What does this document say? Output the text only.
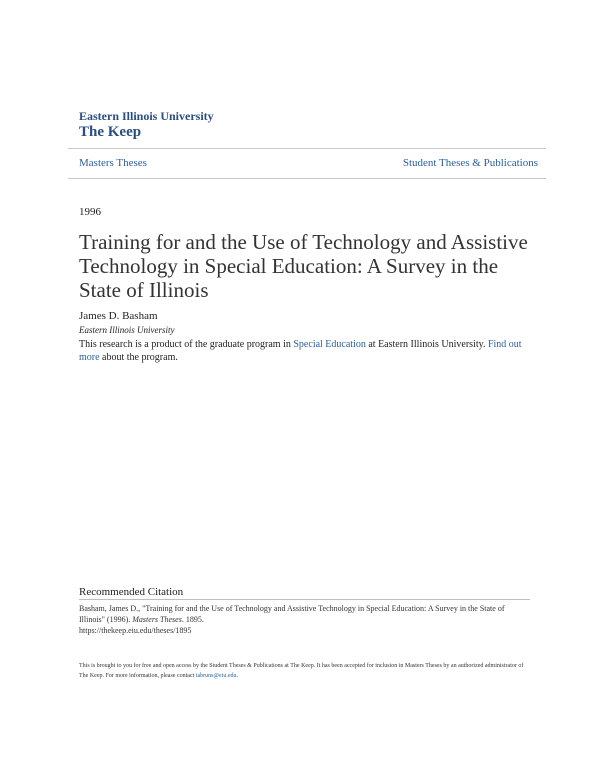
Eastern Illinois University
The Keep
Masters Theses	Student Theses & Publications
1996
Training for and the Use of Technology and Assistive Technology in Special Education: A Survey in the State of Illinois
James D. Basham
Eastern Illinois University
This research is a product of the graduate program in Special Education at Eastern Illinois University. Find out more about the program.
Recommended Citation
Basham, James D., "Training for and the Use of Technology and Assistive Technology in Special Education: A Survey in the State of Illinois" (1996). Masters Theses. 1895.
https://thekeep.eiu.edu/theses/1895
This is brought to you for free and open access by the Student Theses & Publications at The Keep. It has been accepted for inclusion in Masters Theses by an authorized administrator of The Keep. For more information, please contact tabruns@eiu.edu.
